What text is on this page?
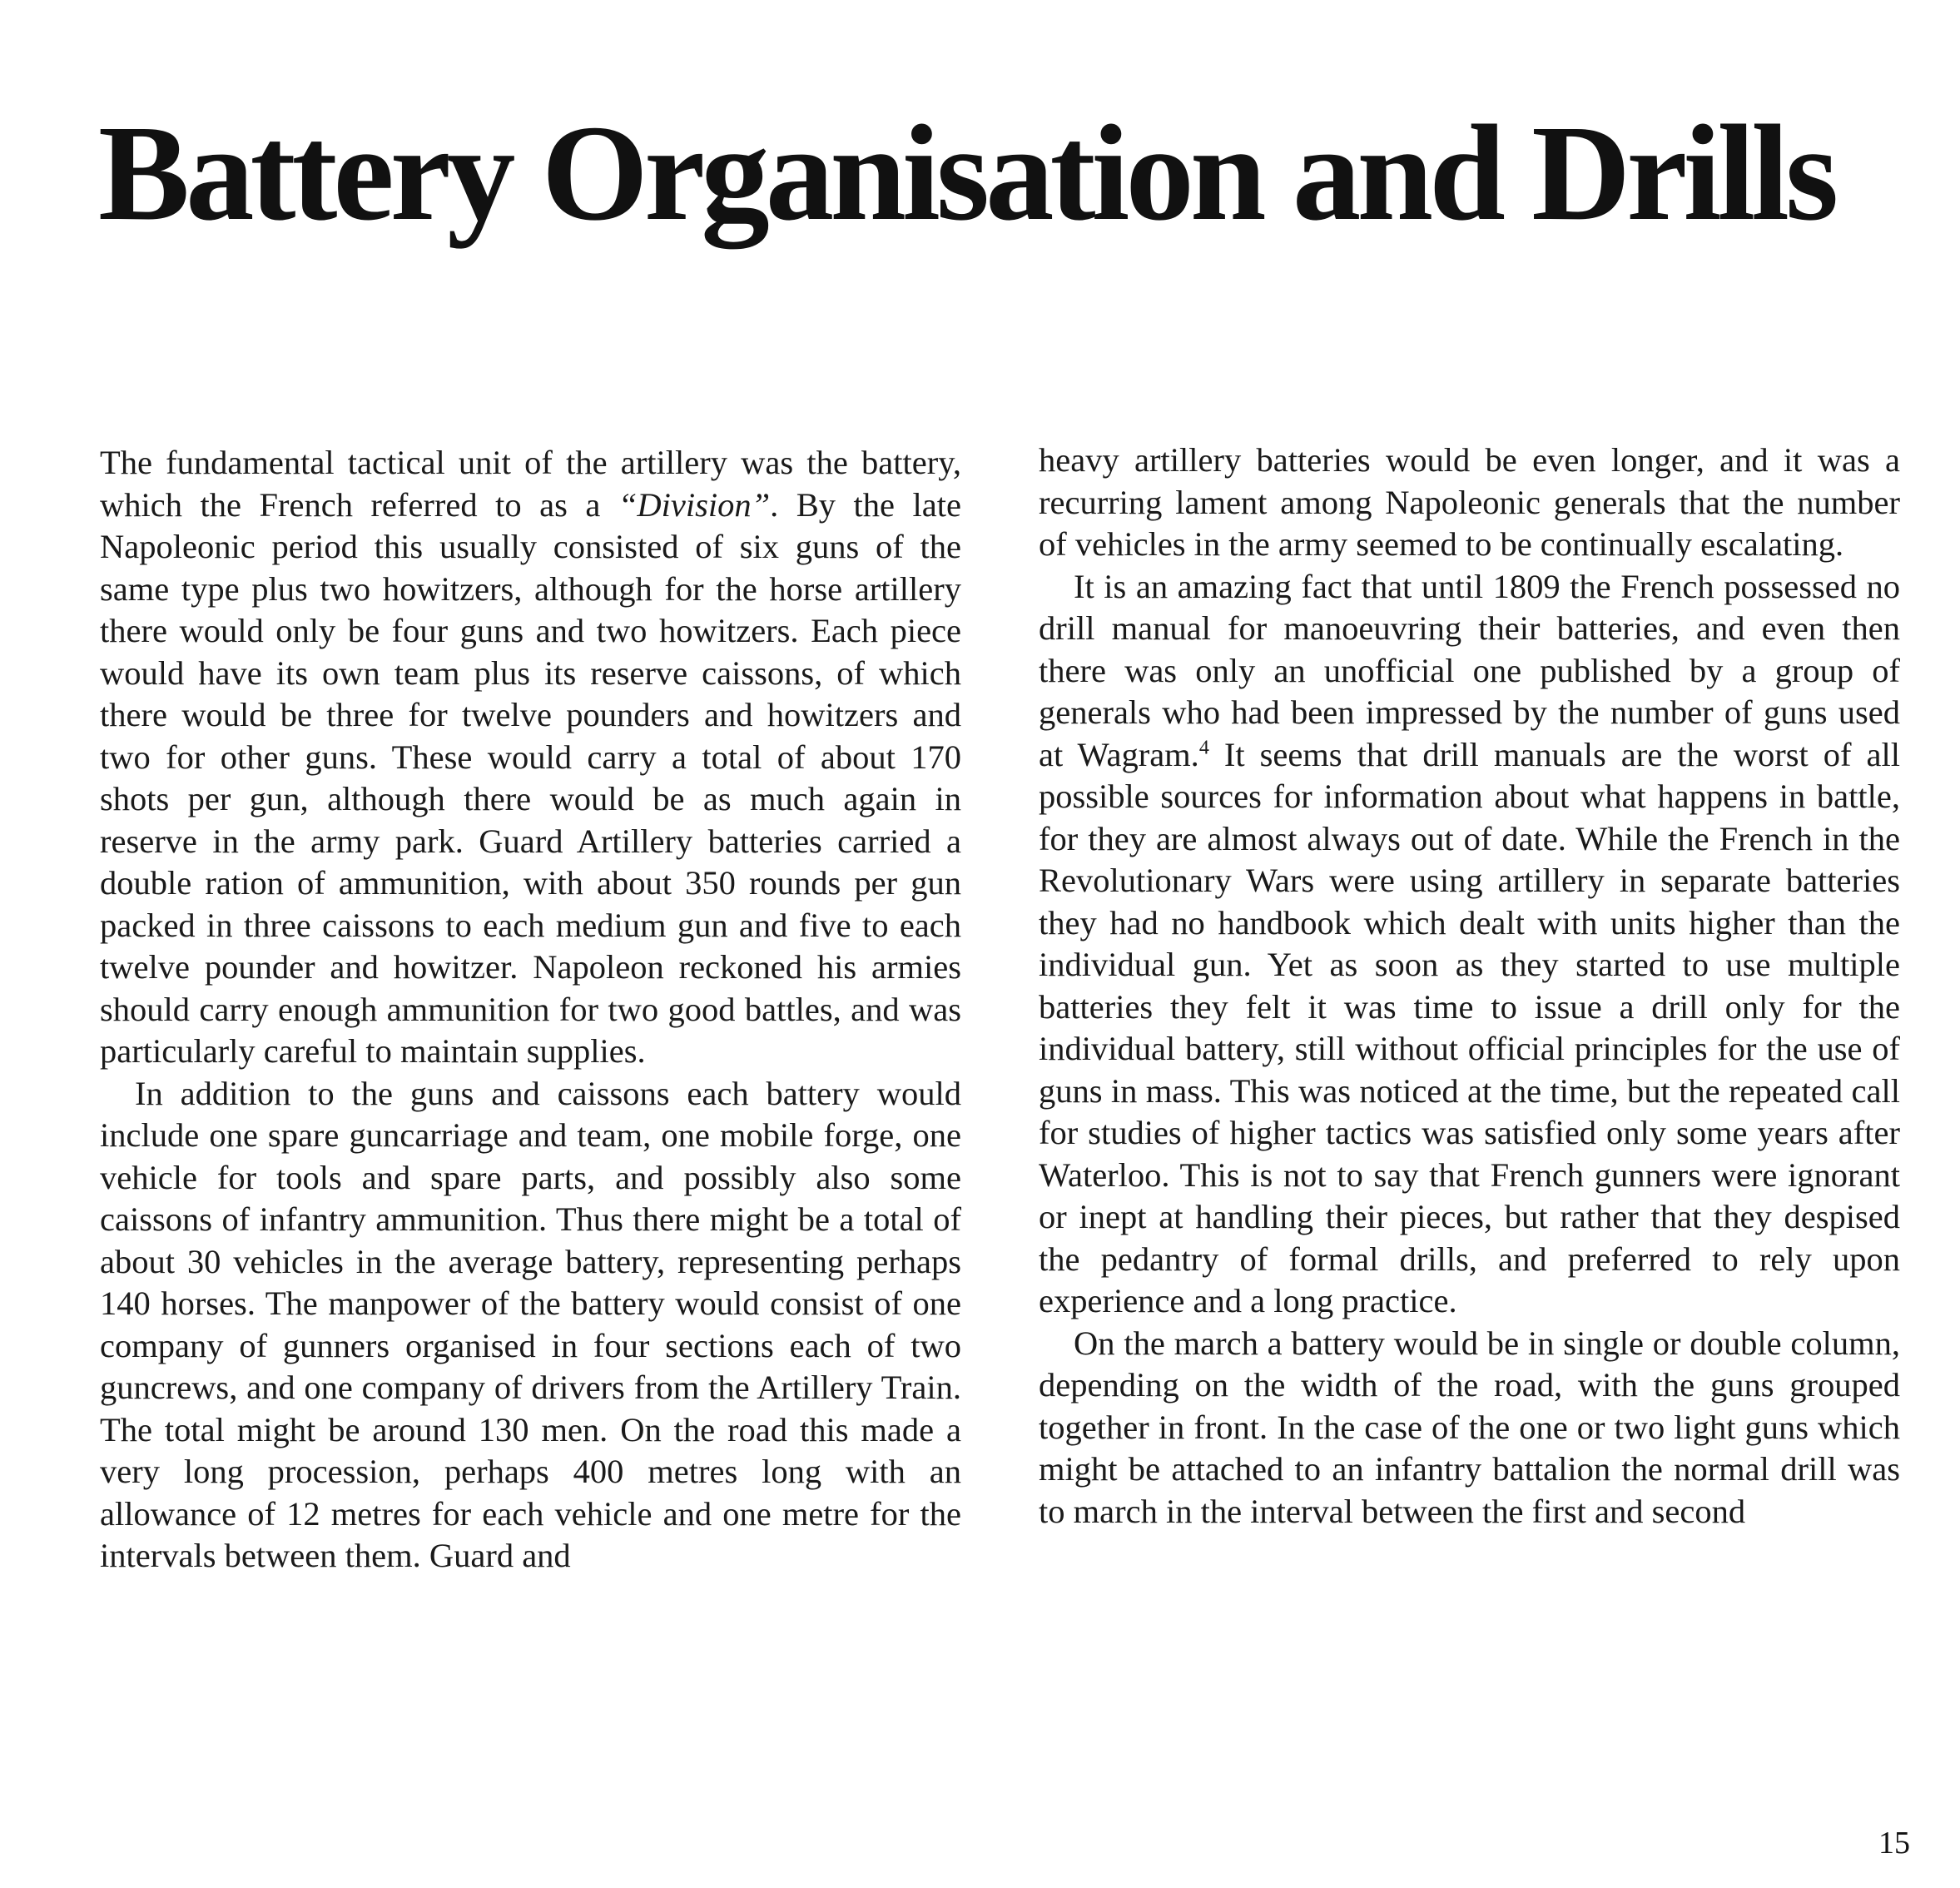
Battery Organisation and Drills

The fundamental tactical unit of the artillery was the battery, which the French referred to as a “Division”. By the late Napoleonic period this usually consisted of six guns of the same type plus two howitzers, although for the horse artillery there would only be four guns and two howitzers. Each piece would have its own team plus its reserve caissons, of which there would be three for twelve pounders and howitzers and two for other guns. These would carry a total of about 170 shots per gun, although there would be as much again in reserve in the army park. Guard Artillery batteries carried a double ration of ammunition, with about 350 rounds per gun packed in three caissons to each medium gun and five to each twelve pounder and howitzer. Napoleon reckoned his armies should carry enough ammunition for two good battles, and was particularly careful to maintain supplies.

In addition to the guns and caissons each battery would include one spare guncarriage and team, one mobile forge, one vehicle for tools and spare parts, and possibly also some caissons of infantry ammunition. Thus there might be a total of about 30 vehicles in the average battery, representing perhaps 140 horses. The manpower of the battery would consist of one company of gunners organised in four sections each of two guncrews, and one company of drivers from the Artillery Train. The total might be around 130 men. On the road this made a very long procession, perhaps 400 metres long with an allowance of 12 metres for each vehicle and one metre for the intervals between them. Guard and

heavy artillery batteries would be even longer, and it was a recurring lament among Napoleonic generals that the number of vehicles in the army seemed to be continually escalating.

It is an amazing fact that until 1809 the French possessed no drill manual for manoeuvring their batteries, and even then there was only an unofficial one published by a group of generals who had been impressed by the number of guns used at Wagram.$^4$ It seems that drill manuals are the worst of all possible sources for information about what happens in battle, for they are almost always out of date. While the French in the Revolutionary Wars were using artillery in separate batteries they had no handbook which dealt with units higher than the individual gun. Yet as soon as they started to use multiple batteries they felt it was time to issue a drill only for the individual battery, still without official principles for the use of guns in mass. This was noticed at the time, but the repeated call for studies of higher tactics was satisfied only some years after Waterloo. This is not to say that French gunners were ignorant or inept at handling their pieces, but rather that they despised the pedantry of formal drills, and preferred to rely upon experience and a long practice.

On the march a battery would be in single or double column, depending on the width of the road, with the guns grouped together in front. In the case of the one or two light guns which might be attached to an infantry battalion the normal drill was to march in the interval between the first and second

15
